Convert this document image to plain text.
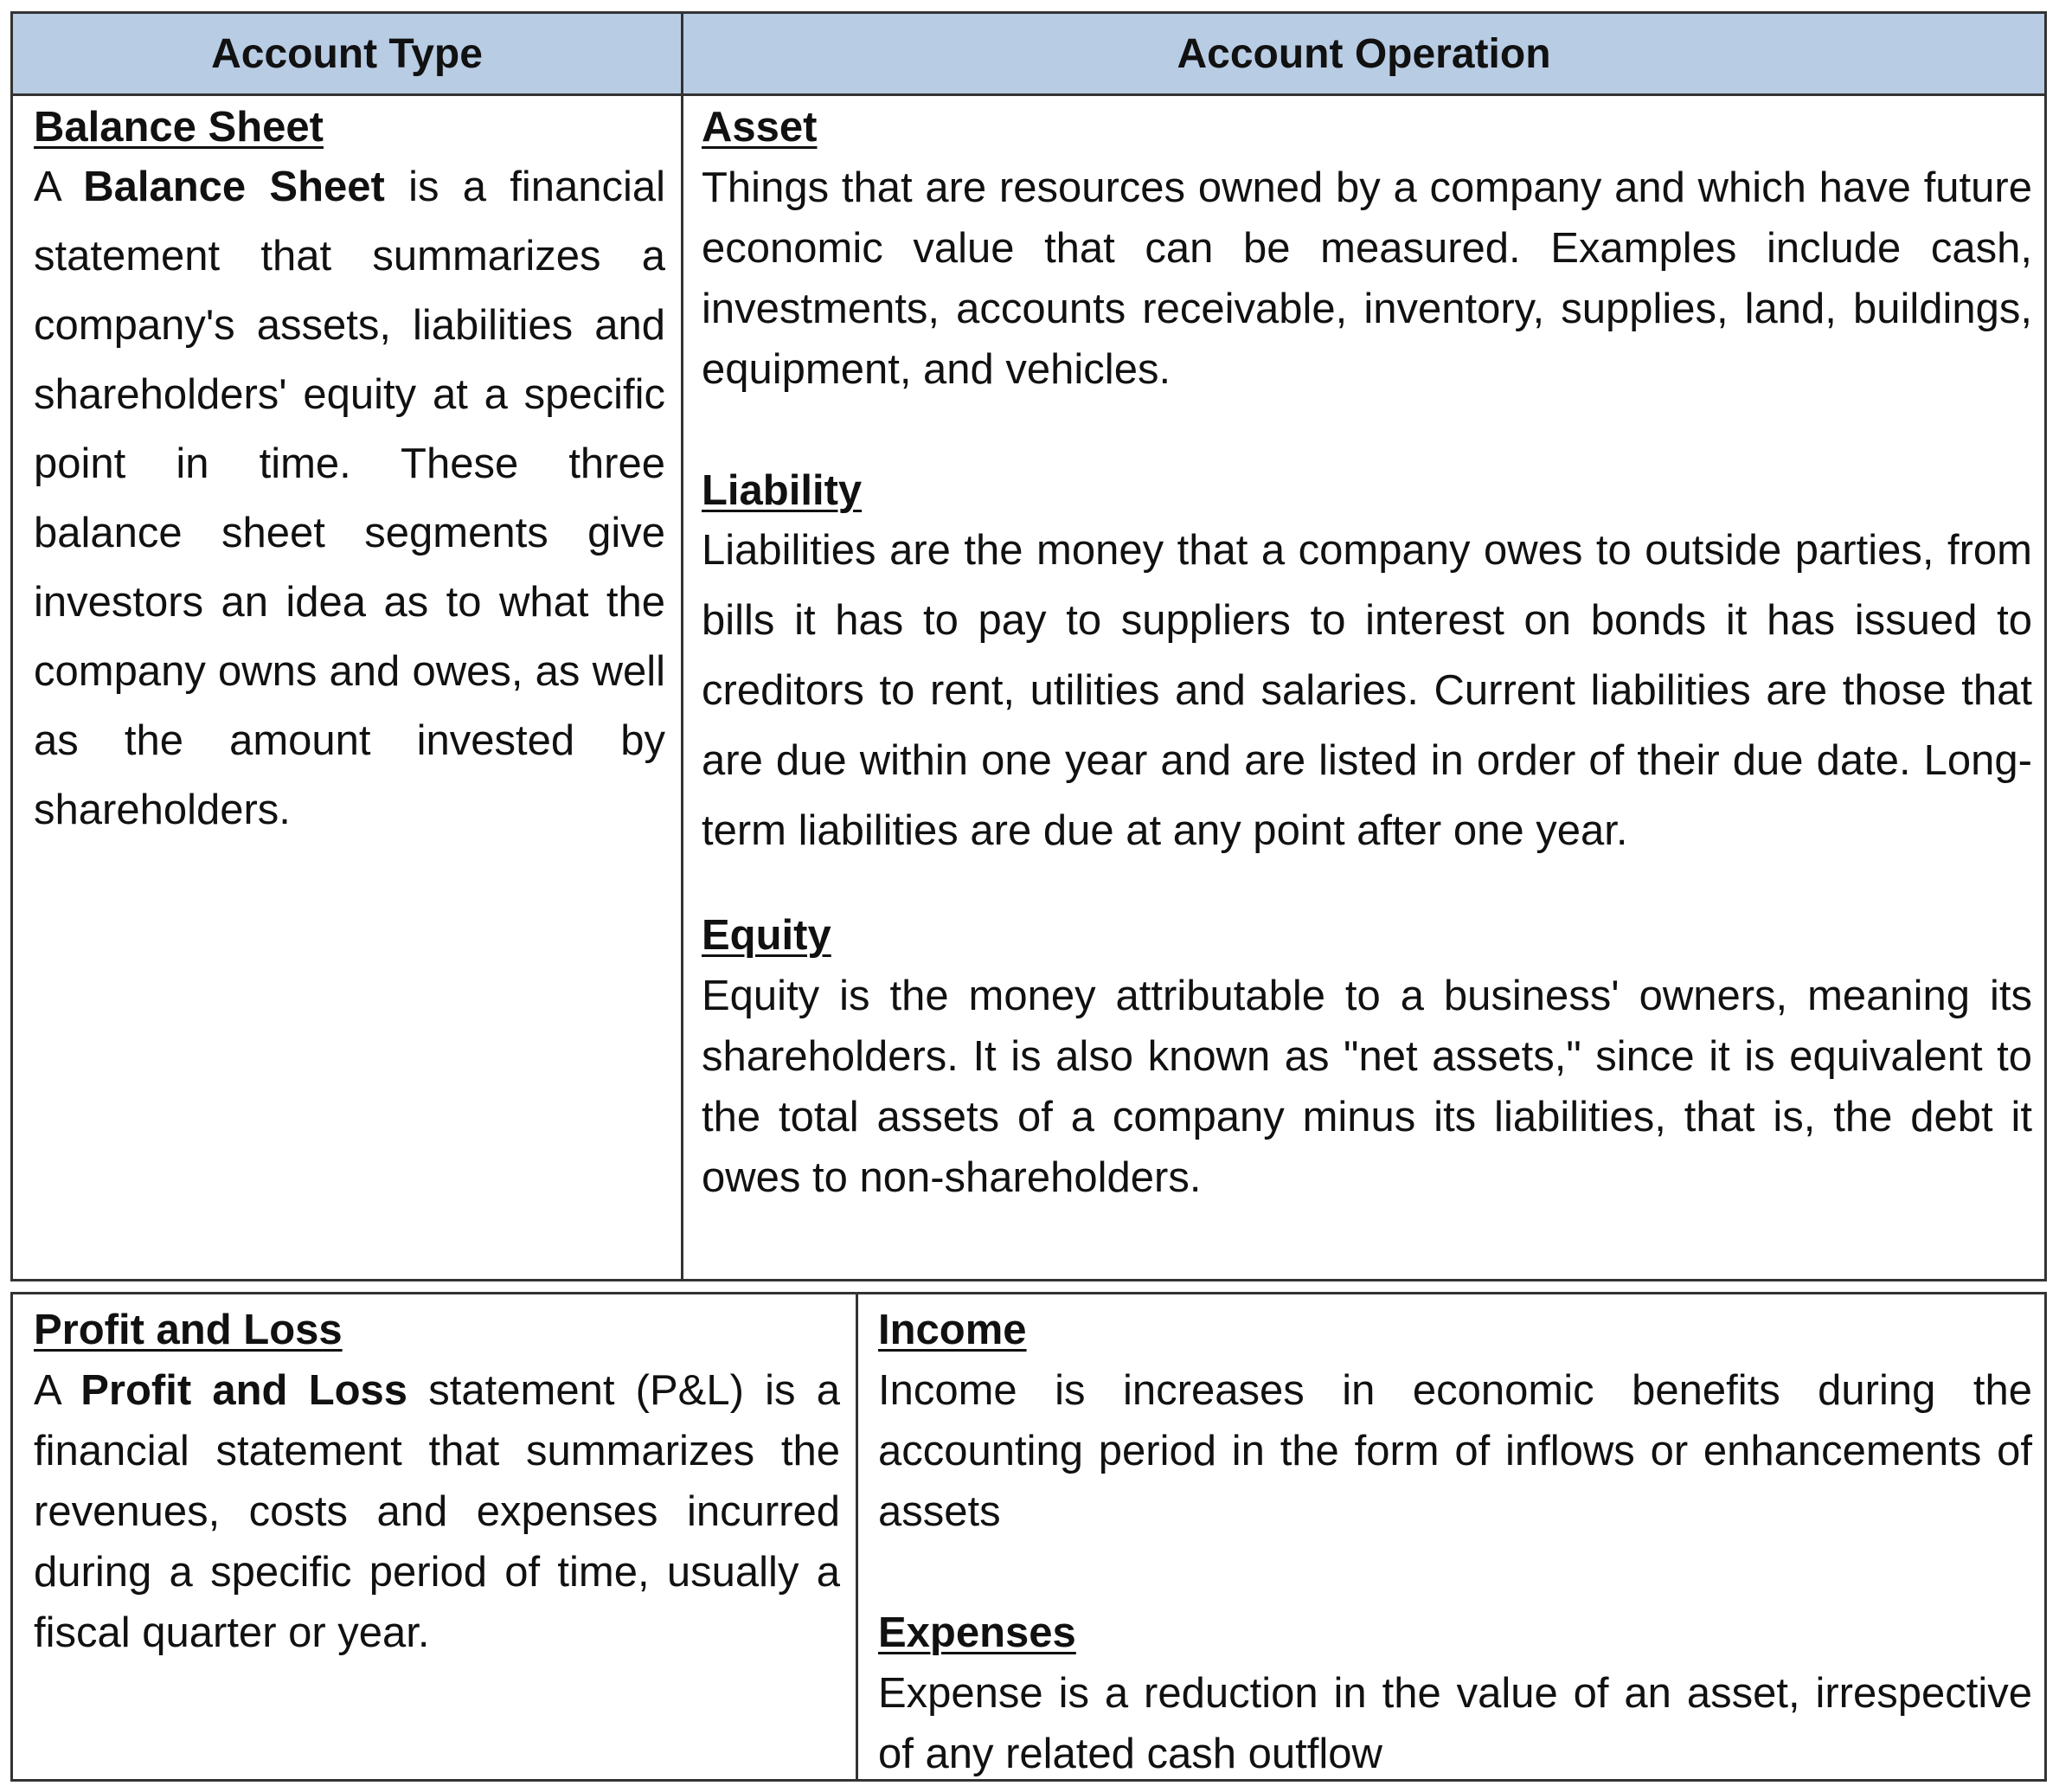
Account Type	Account Operation

Balance Sheet

A Balance Sheet is a financial statement that summarizes a company's assets, liabilities and shareholders' equity at a specific point in time. These three balance sheet segments give investors an idea as to what the company owns and owes, as well as the amount invested by shareholders.

Asset

Things that are resources owned by a company and which have future economic value that can be measured. Examples include cash, investments, accounts receivable, inventory, supplies, land, buildings, equipment, and vehicles.

Liability

Liabilities are the money that a company owes to outside parties, from bills it has to pay to suppliers to interest on bonds it has issued to creditors to rent, utilities and salaries. Current liabilities are those that are due within one year and are listed in order of their due date. Long-term liabilities are due at any point after one year.

Equity

Equity is the money attributable to a business' owners, meaning its shareholders. It is also known as "net assets," since it is equivalent to the total assets of a company minus its liabilities, that is, the debt it owes to non-shareholders.

Profit and Loss

A Profit and Loss statement (P&L) is a financial statement that summarizes the revenues, costs and expenses incurred during a specific period of time, usually a fiscal quarter or year.

Income

Income is increases in economic benefits during the accounting period in the form of inflows or enhancements of assets

Expenses

Expense is a reduction in the value of an asset, irrespective of any related cash outflow
